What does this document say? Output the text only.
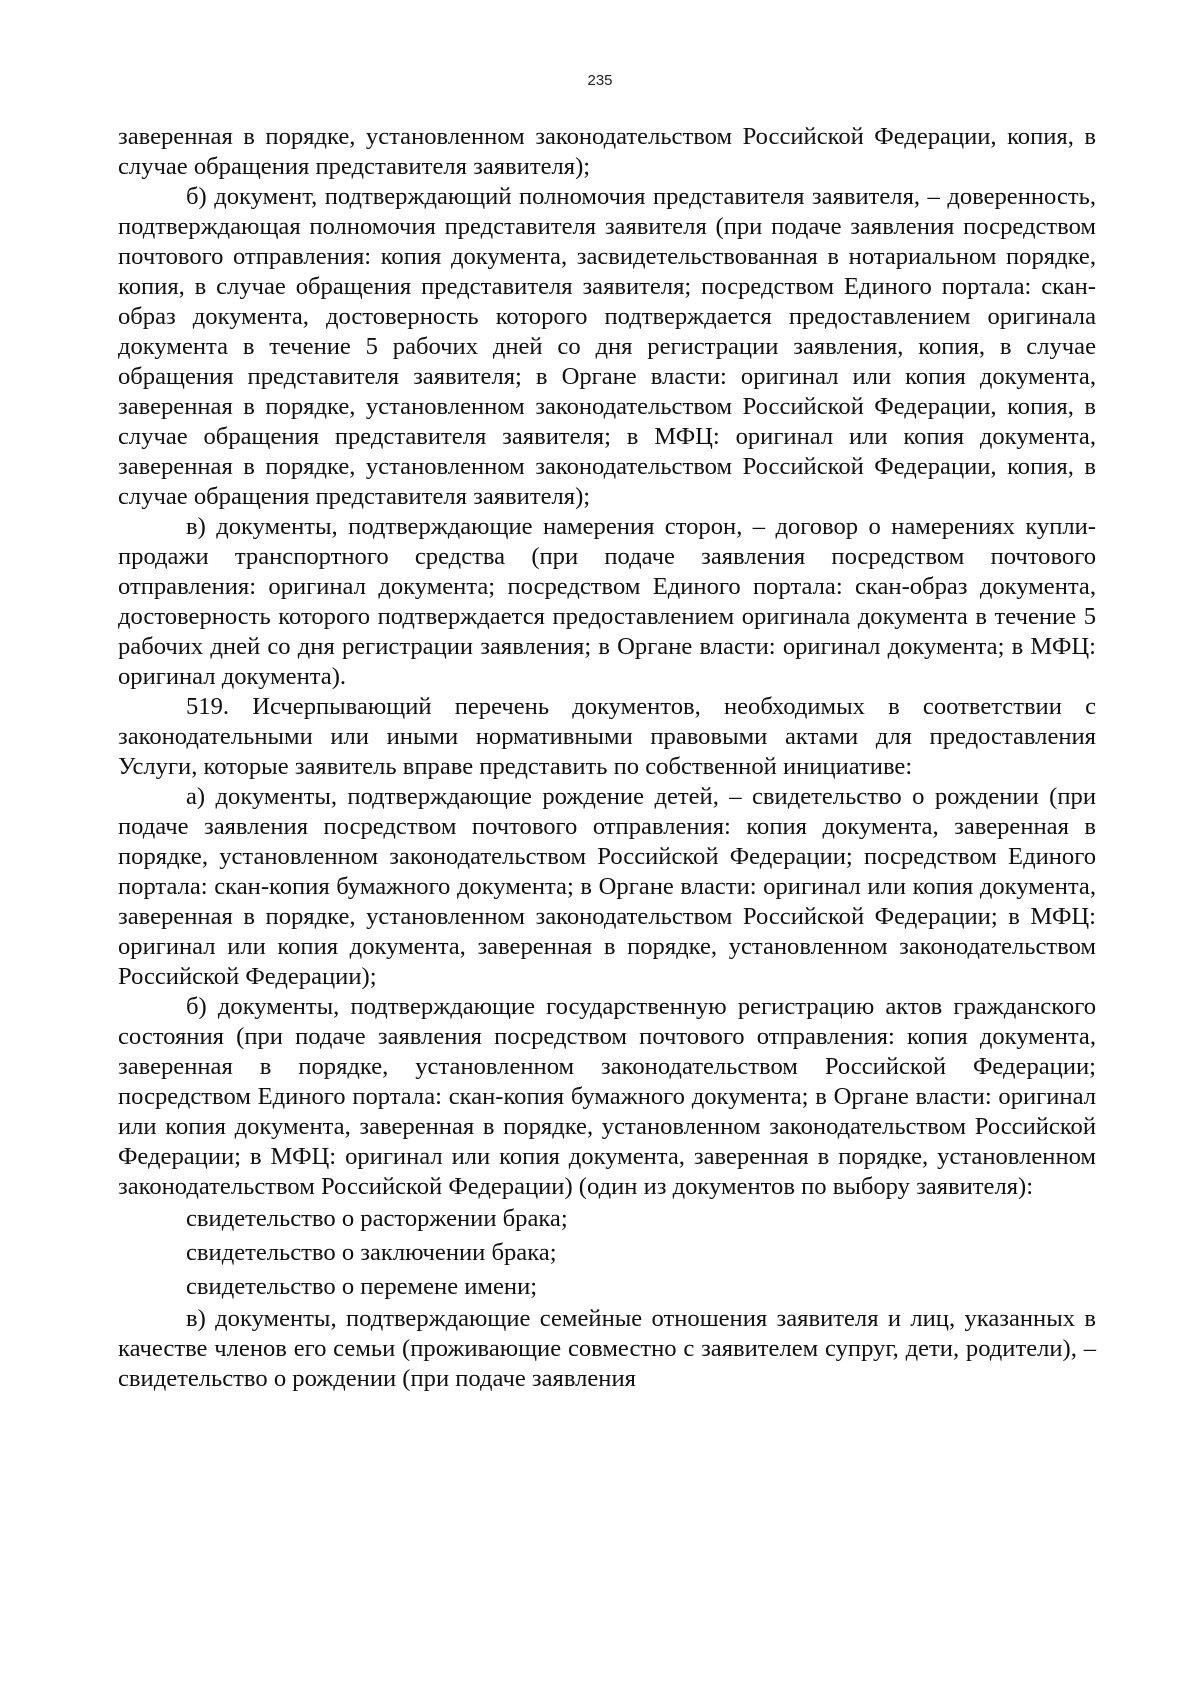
235

заверенная в порядке, установленном законодательством Российской Федерации, копия, в случае обращения представителя заявителя);

б) документ, подтверждающий полномочия представителя заявителя, – доверенность, подтверждающая полномочия представителя заявителя (при подаче заявления посредством почтового отправления: копия документа, засвидетельствованная в нотариальном порядке, копия, в случае обращения представителя заявителя; посредством Единого портала: скан-образ документа, достоверность которого подтверждается предоставлением оригинала документа в течение 5 рабочих дней со дня регистрации заявления, копия, в случае обращения представителя заявителя; в Органе власти: оригинал или копия документа, заверенная в порядке, установленном законодательством Российской Федерации, копия, в случае обращения представителя заявителя; в МФЦ: оригинал или копия документа, заверенная в порядке, установленном законодательством Российской Федерации, копия, в случае обращения представителя заявителя);

в) документы, подтверждающие намерения сторон, – договор о намерениях купли-продажи транспортного средства (при подаче заявления посредством почтового отправления: оригинал документа; посредством Единого портала: скан-образ документа, достоверность которого подтверждается предоставлением оригинала документа в течение 5 рабочих дней со дня регистрации заявления; в Органе власти: оригинал документа; в МФЦ: оригинал документа).

519. Исчерпывающий перечень документов, необходимых в соответствии с законодательными или иными нормативными правовыми актами для предоставления Услуги, которые заявитель вправе представить по собственной инициативе:

а) документы, подтверждающие рождение детей, – свидетельство о рождении (при подаче заявления посредством почтового отправления: копия документа, заверенная в порядке, установленном законодательством Российской Федерации; посредством Единого портала: скан-копия бумажного документа; в Органе власти: оригинал или копия документа, заверенная в порядке, установленном законодательством Российской Федерации; в МФЦ: оригинал или копия документа, заверенная в порядке, установленном законодательством Российской Федерации);

б) документы, подтверждающие государственную регистрацию актов гражданского состояния (при подаче заявления посредством почтового отправления: копия документа, заверенная в порядке, установленном законодательством Российской Федерации; посредством Единого портала: скан-копия бумажного документа; в Органе власти: оригинал или копия документа, заверенная в порядке, установленном законодательством Российской Федерации; в МФЦ: оригинал или копия документа, заверенная в порядке, установленном законодательством Российской Федерации) (один из документов по выбору заявителя):

свидетельство о расторжении брака;

свидетельство о заключении брака;

свидетельство о перемене имени;

в) документы, подтверждающие семейные отношения заявителя и лиц, указанных в качестве членов его семьи (проживающие совместно с заявителем супруг, дети, родители), – свидетельство о рождении (при подаче заявления
